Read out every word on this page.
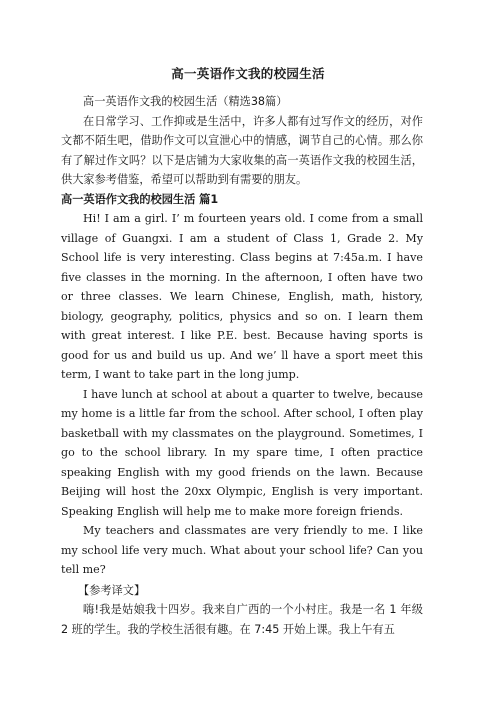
高一英语作文我的校园生活

高一英语作文我的校园生活（精选38篇）

在日常学习、工作抑或是生活中，许多人都有过写作文的经历，对作文都不陌生吧，借助作文可以宣泄心中的情感，调节自己的心情。那么你有了解过作文吗？以下是店铺为大家收集的高一英语作文我的校园生活，供大家参考借鉴，希望可以帮助到有需要的朋友。

高一英语作文我的校园生活 篇1

Hi! I am a girl. I’ m fourteen years old. I come from a small village of Guangxi. I am a student of Class 1, Grade 2. My School life is very interesting. Class begins at 7:45a.m. I have five classes in the morning. In the afternoon, I often have two or three classes. We learn Chinese, English, math, history, biology, geography, politics, physics and so on. I learn them with great interest. I like P.E. best. Because having sports is good for us and build us up. And we’ ll have a sport meet this term, I want to take part in the long jump.

I have lunch at school at about a quarter to twelve, because my home is a little far from the school. After school, I often play basketball with my classmates on the playground. Sometimes, I go to the school library. In my spare time, I often practice speaking English with my good friends on the lawn. Because Beijing will host the 20xx Olympic, English is very important. Speaking English will help me to make more foreign friends.

My teachers and classmates are very friendly to me. I like my school life very much. What about your school life? Can you tell me?

【参考译文】

嗨!我是姑娘我十四岁。我来自广西的一个小村庄。我是一名 1 年级 2 班的学生。我的学校生活很有趣。在 7:45 开始上课。我上午有五
